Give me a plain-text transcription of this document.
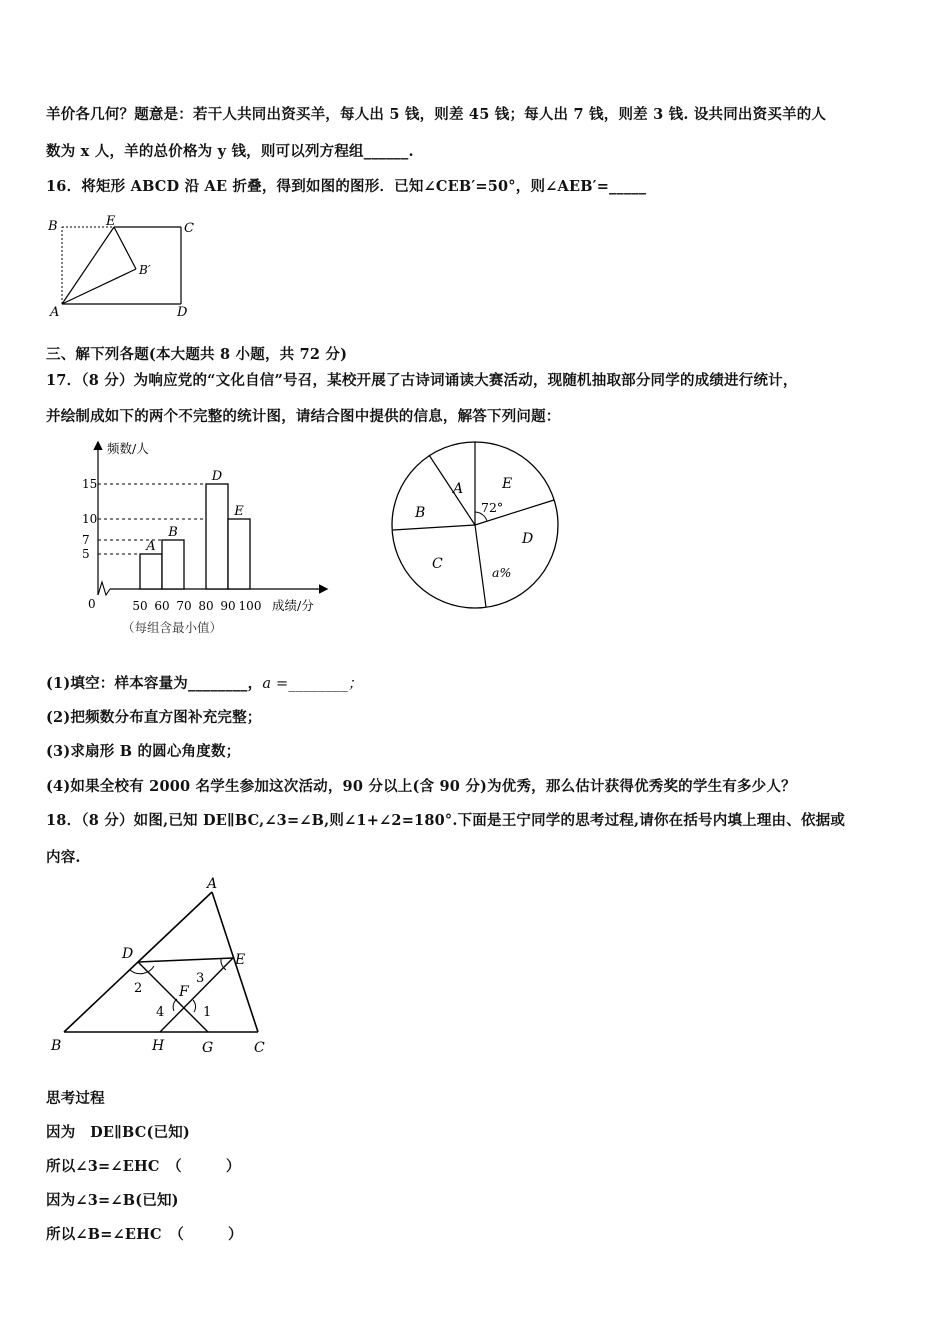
羊价各几何？题意是：若干人共同出资买羊，每人出 5 钱，则差 45 钱；每人出 7 钱，则差 3 钱. 设共同出资买羊的人
数为 x 人，羊的总价格为 y 钱，则可以列方程组______.
16．将矩形 ABCD 沿 AE 折叠，得到如图的图形．已知∠CEB′=50°，则∠AEB′=_____
B	E	C
B′
A	D
三、解下列各题(本大题共 8 小题，共 72 分)
17．（8 分）为响应党的“文化自信”号召，某校开展了古诗词诵读大赛活动，现随机抽取部分同学的成绩进行统计，
并绘制成如下的两个不完整的统计图，请结合图中提供的信息，解答下列问题：
频数/人
0	成绩/分
（每组含最小值）
5
7
10
15
50 60 70 80 90 100
A
B
D
E
A
B
C
D
E
72°
a%
(1)填空：样本容量为________，a =________；
(2)把频数分布直方图补充完整；
(3)求扇形 B 的圆心角度数；
(4)如果全校有 2000 名学生参加这次活动，90 分以上(含 90 分)为优秀，那么估计获得优秀奖的学生有多少人？
18．（8 分）如图,已知 DE∥BC,∠3=∠B,则∠1+∠2=180°.下面是王宁同学的思考过程,请你在括号内填上理由、依据或
内容.
A
D	E
B	H	G	C
F
1
2
3
4
思考过程
因为　DE∥BC(已知)
所以∠3=∠EHC　（　　　）
因为∠3=∠B(已知)
所以∠B=∠EHC　（　　　）
